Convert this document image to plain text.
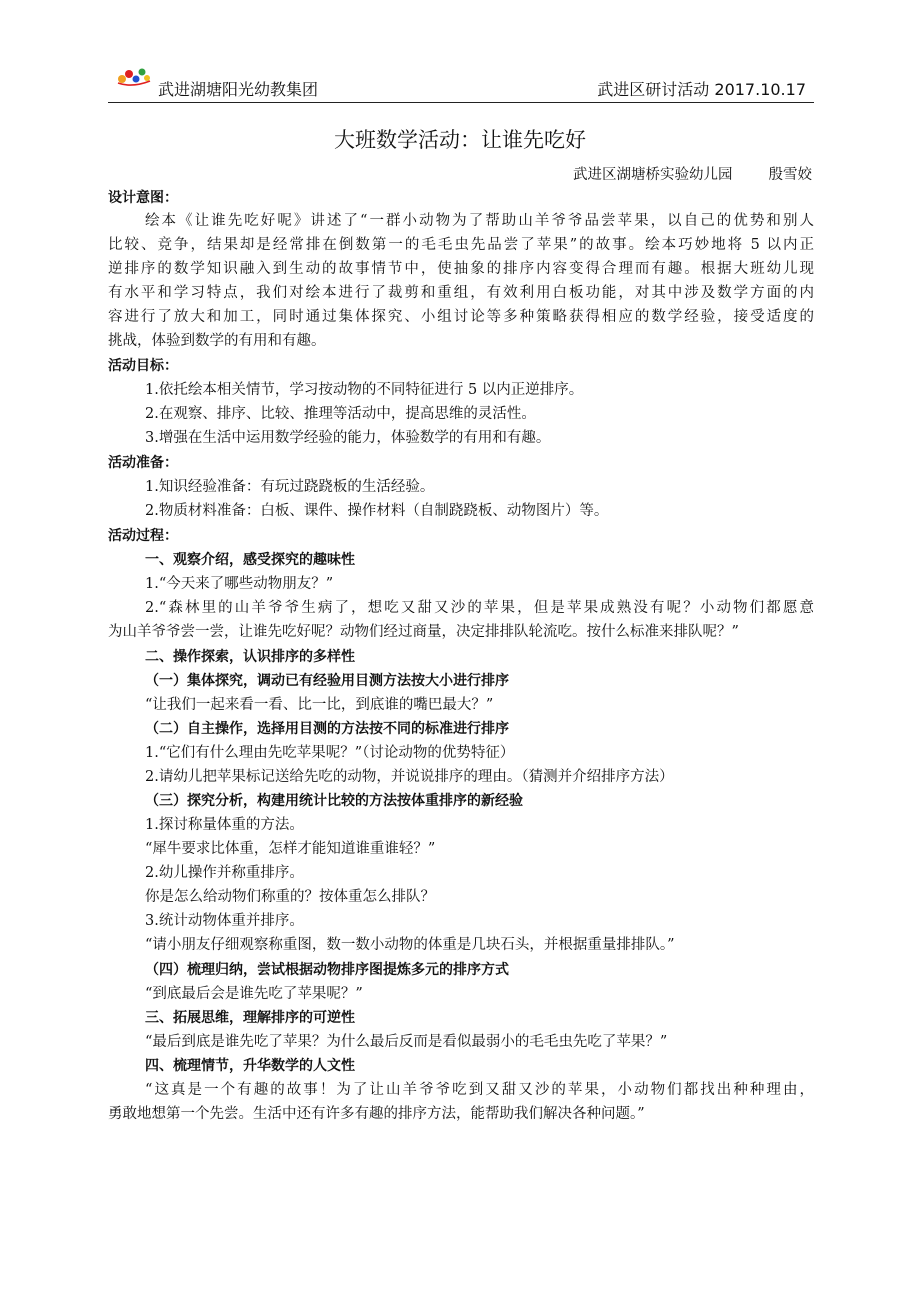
武进湖塘阳光幼教集团	武进区研讨活动 2017.10.17
大班数学活动：让谁先吃好
武进区湖塘桥实验幼儿园 殷雪姣
设计意图：
绘本《让谁先吃好呢》讲述了“一群小动物为了帮助山羊爷爷品尝苹果，以自己的优势和别人
比较、竞争，结果却是经常排在倒数第一的毛毛虫先品尝了苹果”的故事。绘本巧妙地将 5 以内正
逆排序的数学知识融入到生动的故事情节中，使抽象的排序内容变得合理而有趣。根据大班幼儿现
有水平和学习特点，我们对绘本进行了裁剪和重组，有效利用白板功能，对其中涉及数学方面的内
容进行了放大和加工，同时通过集体探究、小组讨论等多种策略获得相应的数学经验，接受适度的
挑战，体验到数学的有用和有趣。
活动目标：
1.依托绘本相关情节，学习按动物的不同特征进行 5 以内正逆排序。
2.在观察、排序、比较、推理等活动中，提高思维的灵活性。
3.增强在生活中运用数学经验的能力，体验数学的有用和有趣。
活动准备：
1.知识经验准备：有玩过跷跷板的生活经验。
2.物质材料准备：白板、课件、操作材料（自制跷跷板、动物图片）等。
活动过程：
一、观察介绍，感受探究的趣味性
1.“今天来了哪些动物朋友？”
2.“森林里的山羊爷爷生病了，想吃又甜又沙的苹果，但是苹果成熟没有呢？小动物们都愿意
为山羊爷爷尝一尝，让谁先吃好呢？动物们经过商量，决定排排队轮流吃。按什么标准来排队呢？”
二、操作探索，认识排序的多样性
（一）集体探究，调动已有经验用目测方法按大小进行排序
“让我们一起来看一看、比一比，到底谁的嘴巴最大？”
（二）自主操作，选择用目测的方法按不同的标准进行排序
1.“它们有什么理由先吃苹果呢？”（讨论动物的优势特征）
2.请幼儿把苹果标记送给先吃的动物，并说说排序的理由。（猜测并介绍排序方法）
（三）探究分析，构建用统计比较的方法按体重排序的新经验
1.探讨称量体重的方法。
“犀牛要求比体重，怎样才能知道谁重谁轻？”
2.幼儿操作并称重排序。
你是怎么给动物们称重的？按体重怎么排队？
3.统计动物体重并排序。
“请小朋友仔细观察称重图，数一数小动物的体重是几块石头，并根据重量排排队。”
（四）梳理归纳，尝试根据动物排序图提炼多元的排序方式
“到底最后会是谁先吃了苹果呢？”
三、拓展思维，理解排序的可逆性
“最后到底是谁先吃了苹果？为什么最后反而是看似最弱小的毛毛虫先吃了苹果？”
四、梳理情节，升华数学的人文性
“这真是一个有趣的故事！为了让山羊爷爷吃到又甜又沙的苹果，小动物们都找出种种理由，
勇敢地想第一个先尝。生活中还有许多有趣的排序方法，能帮助我们解决各种问题。”
